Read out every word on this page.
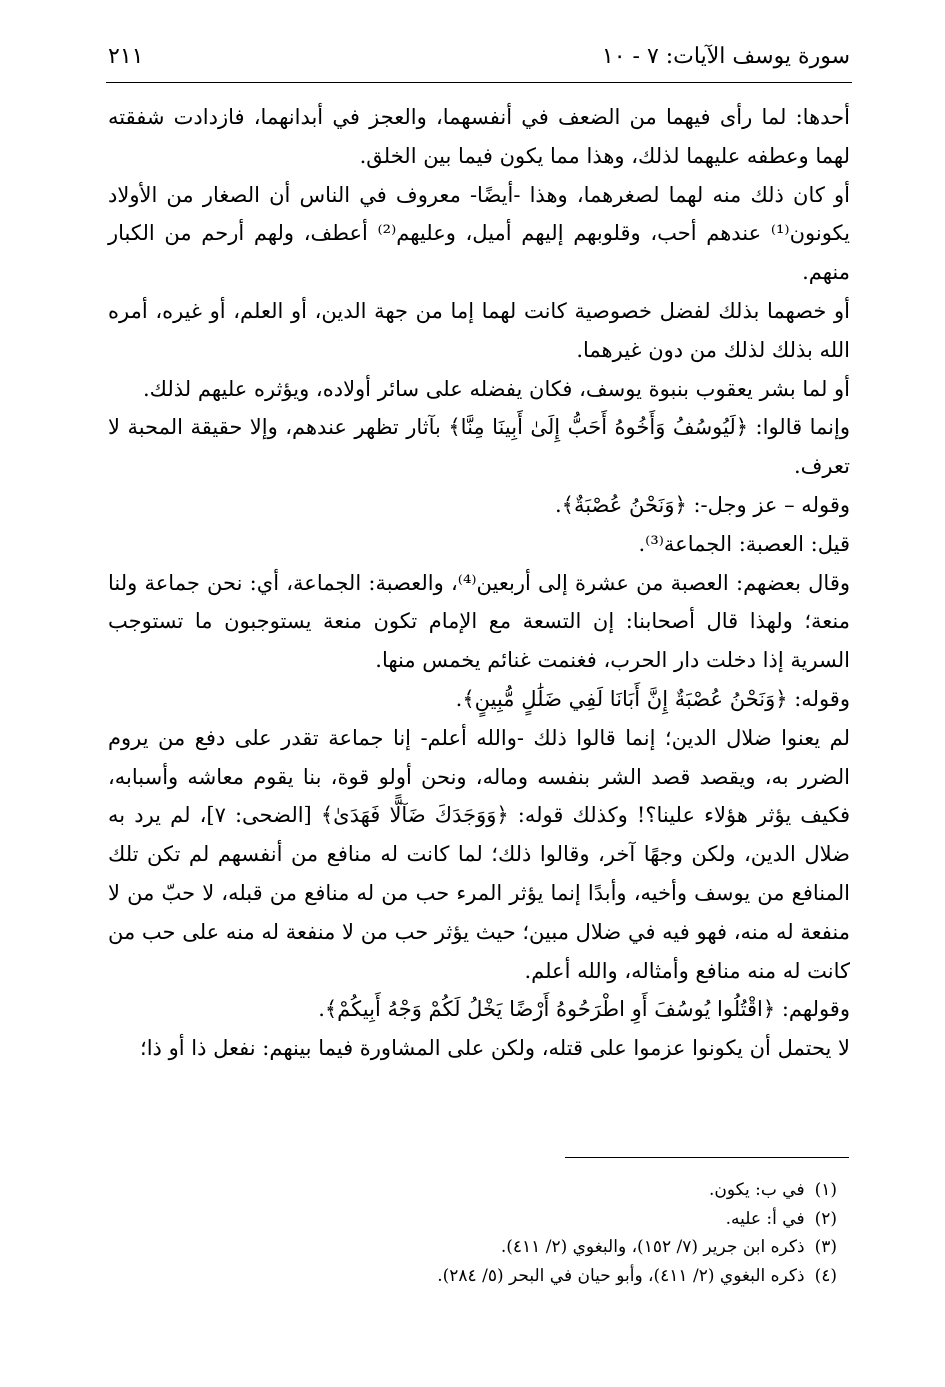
سورة يوسف الآيات: ٧ - ١٠
٢١١

أحدها: لما رأى فيهما من الضعف في أنفسهما، والعجز في أبدانهما، فازدادت شفقته لهما وعطفه عليهما لذلك، وهذا مما يكون فيما بين الخلق.

أو كان ذلك منه لهما لصغرهما، وهذا -أيضًا- معروف في الناس أن الصغار من الأولاد يكونون⁽¹⁾ عندهم أحب، وقلوبهم إليهم أميل، وعليهم⁽²⁾ أعطف، ولهم أرحم من الكبار منهم.

أو خصهما بذلك لفضل خصوصية كانت لهما إما من جهة الدين، أو العلم، أو غيره، أمره الله بذلك لذلك من دون غيرهما.

أو لما بشر يعقوب بنبوة يوسف، فكان يفضله على سائر أولاده، ويؤثره عليهم لذلك.

وإنما قالوا: ﴿لَيُوسُفُ وَأَخُوهُ أَحَبُّ إِلَىٰ أَبِينَا مِنَّا﴾ بآثار تظهر عندهم، وإلا حقيقة المحبة لا تعرف.

وقوله – عز وجل-: ﴿وَنَحْنُ عُصْبَةٌ﴾.

قيل: العصبة: الجماعة⁽³⁾.

وقال بعضهم: العصبة من عشرة إلى أربعين⁽⁴⁾، والعصبة: الجماعة، أي: نحن جماعة ولنا منعة؛ ولهذا قال أصحابنا: إن التسعة مع الإمام تكون منعة يستوجبون ما تستوجب السرية إذا دخلت دار الحرب، فغنمت غنائم يخمس منها.

وقوله: ﴿وَنَحْنُ عُصْبَةٌ إِنَّ أَبَانَا لَفِي ضَلَٰلٍ مُّبِينٍ﴾.

لم يعنوا ضلال الدين؛ إنما قالوا ذلك -والله أعلم- إنا جماعة تقدر على دفع من يروم الضرر به، ويقصد قصد الشر بنفسه وماله، ونحن أولو قوة، بنا يقوم معاشه وأسبابه، فكيف يؤثر هؤلاء علينا؟! وكذلك قوله: ﴿وَوَجَدَكَ ضَآلًّا فَهَدَىٰ﴾ [الضحى: ٧]، لم يرد به ضلال الدين، ولكن وجهًا آخر، وقالوا ذلك؛ لما كانت له منافع من أنفسهم لم تكن تلك المنافع من يوسف وأخيه، وأبدًا إنما يؤثر المرء حب من له منافع من قبله، لا حبّ من لا منفعة له منه، فهو فيه في ضلال مبين؛ حيث يؤثر حب من لا منفعة له منه على حب من كانت له منه منافع وأمثاله، والله أعلم.

وقولهم: ﴿اقْتُلُوا يُوسُفَ أَوِ اطْرَحُوهُ أَرْضًا يَخْلُ لَكُمْ وَجْهُ أَبِيكُمْ﴾.

لا يحتمل أن يكونوا عزموا على قتله، ولكن على المشاورة فيما بينهم: نفعل ذا أو ذا؛

(١)في ب: يكون.

(٢)في أ: عليه.

(٣)ذكره ابن جرير (٧/ ١٥٢)، والبغوي (٢/ ٤١١).

(٤)ذكره البغوي (٢/ ٤١١)، وأبو حيان في البحر (٥/ ٢٨٤).
